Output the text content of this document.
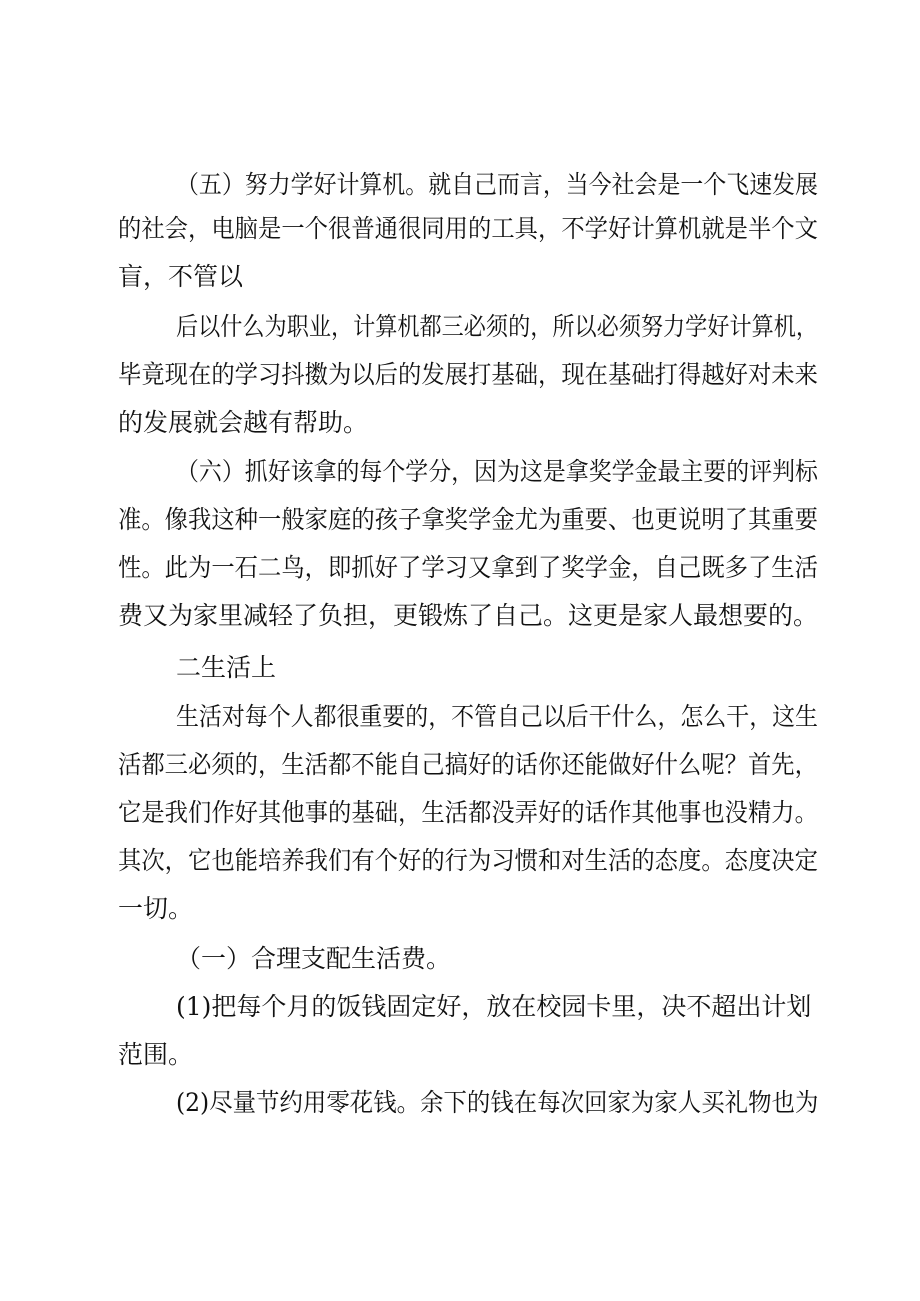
（五）努力学好计算机。就自己而言，当今社会是一个飞速发展
的社会，电脑是一个很普通很同用的工具，不学好计算机就是半个文
盲，不管以
后以什么为职业，计算机都三必须的，所以必须努力学好计算机，
毕竟现在的学习抖擞为以后的发展打基础，现在基础打得越好对未来
的发展就会越有帮助。
（六）抓好该拿的每个学分，因为这是拿奖学金最主要的评判标
准。像我这种一般家庭的孩子拿奖学金尤为重要、也更说明了其重要
性。此为一石二鸟，即抓好了学习又拿到了奖学金，自己既多了生活
费又为家里减轻了负担，更锻炼了自己。这更是家人最想要的。
二生活上
生活对每个人都很重要的，不管自己以后干什么，怎么干，这生
活都三必须的，生活都不能自己搞好的话你还能做好什么呢？首先，
它是我们作好其他事的基础，生活都没弄好的话作其他事也没精力。
其次，它也能培养我们有个好的行为习惯和对生活的态度。态度决定
一切。
（一）合理支配生活费。
(1)把每个月的饭钱固定好，放在校园卡里，决不超出计划
范围。
(2)尽量节约用零花钱。余下的钱在每次回家为家人买礼物也为
